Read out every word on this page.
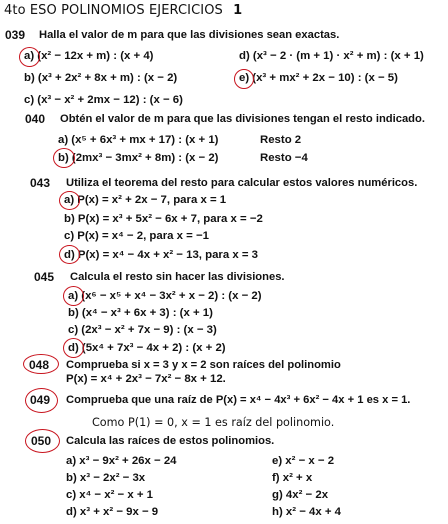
4to ESO POLINOMIOS EJERCICIOS 1
039 Halla el valor de m para que las divisiones sean exactas.
a) (x² − 12x + m) : (x + 4)
b) (x³ + 2x² + 8x + m) : (x − 2)
c) (x³ − x² + 2mx − 12) : (x − 6)
d) (x³ − 2 · (m + 1) · x² + m) : (x + 1)
e) (x³ + mx² + 2x − 10) : (x − 5)
040 Obtén el valor de m para que las divisiones tengan el resto indicado.
a) (x⁵ + 6x³ + mx + 17) : (x + 1)	Resto 2
b) (2mx³ − 3mx² + 8m) : (x − 2)	Resto −4
043 Utiliza el teorema del resto para calcular estos valores numéricos.
a) P(x) = x² + 2x − 7, para x = 1
b) P(x) = x³ + 5x² − 6x + 7, para x = −2
c) P(x) = x⁴ − 2, para x = −1
d) P(x) = x⁴ − 4x + x² − 13, para x = 3
045 Calcula el resto sin hacer las divisiones.
a) (x⁶ − x⁵ + x⁴ − 3x² + x − 2) : (x − 2)
b) (x⁴ − x³ + 6x + 3) : (x + 1)
c) (2x³ − x² + 7x − 9) : (x − 3)
d) (5x⁴ + 7x³ − 4x + 2) : (x + 2)
048 Comprueba si x = 3 y x = 2 son raíces del polinomio
P(x) = x⁴ + 2x³ − 7x² − 8x + 12.
049 Comprueba que una raíz de P(x) = x⁴ − 4x³ + 6x² − 4x + 1 es x = 1.
Como P(1) = 0, x = 1 es raíz del polinomio.
050 Calcula las raíces de estos polinomios.
a) x³ − 9x² + 26x − 24
b) x³ − 2x² − 3x
c) x⁴ − x² − x + 1
d) x³ + x² − 9x − 9
e) x² − x − 2
f) x² + x
g) 4x² − 2x
h) x² − 4x + 4
